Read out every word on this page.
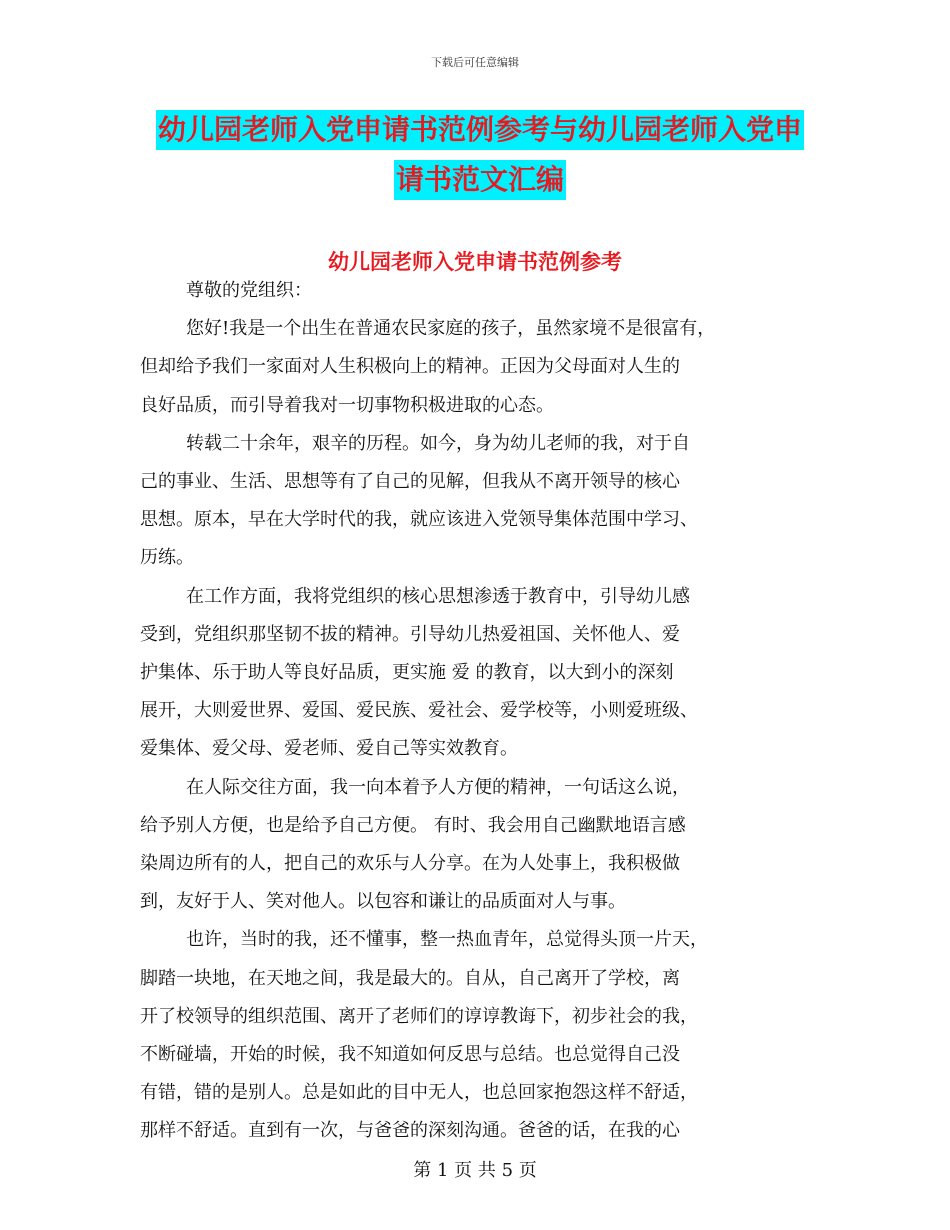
下载后可任意编辑
幼儿园老师入党申请书范例参考与幼儿园老师入党申
请书范文汇编
幼儿园老师入党申请书范例参考
尊敬的党组织：
您好!我是一个出生在普通农民家庭的孩子，虽然家境不是很富有，
但却给予我们一家面对人生积极向上的精神。正因为父母面对人生的
良好品质，而引导着我对一切事物积极进取的心态。
转载二十余年，艰辛的历程。如今，身为幼儿老师的我，对于自
己的事业、生活、思想等有了自己的见解，但我从不离开领导的核心
思想。原本，早在大学时代的我，就应该进入党领导集体范围中学习、
历练。
在工作方面，我将党组织的核心思想渗透于教育中，引导幼儿感
受到，党组织那坚韧不拔的精神。引导幼儿热爱祖国、关怀他人、爱
护集体、乐于助人等良好品质，更实施 爱 的教育，以大到小的深刻
展开，大则爱世界、爱国、爱民族、爱社会、爱学校等，小则爱班级、
爱集体、爱父母、爱老师、爱自己等实效教育。
在人际交往方面，我一向本着予人方便的精神，一句话这么说，
给予别人方便，也是给予自己方便。 有时、我会用自己幽默地语言感
染周边所有的人，把自己的欢乐与人分享。在为人处事上，我积极做
到，友好于人、笑对他人。以包容和谦让的品质面对人与事。
也许，当时的我，还不懂事，整一热血青年，总觉得头顶一片天，
脚踏一块地，在天地之间，我是最大的。自从，自己离开了学校，离
开了校领导的组织范围、离开了老师们的谆谆教诲下，初步社会的我，
不断碰墙，开始的时候，我不知道如何反思与总结。也总觉得自己没
有错，错的是别人。总是如此的目中无人，也总回家抱怨这样不舒适，
那样不舒适。直到有一次，与爸爸的深刻沟通。爸爸的话，在我的心
第 1 页 共 5 页
